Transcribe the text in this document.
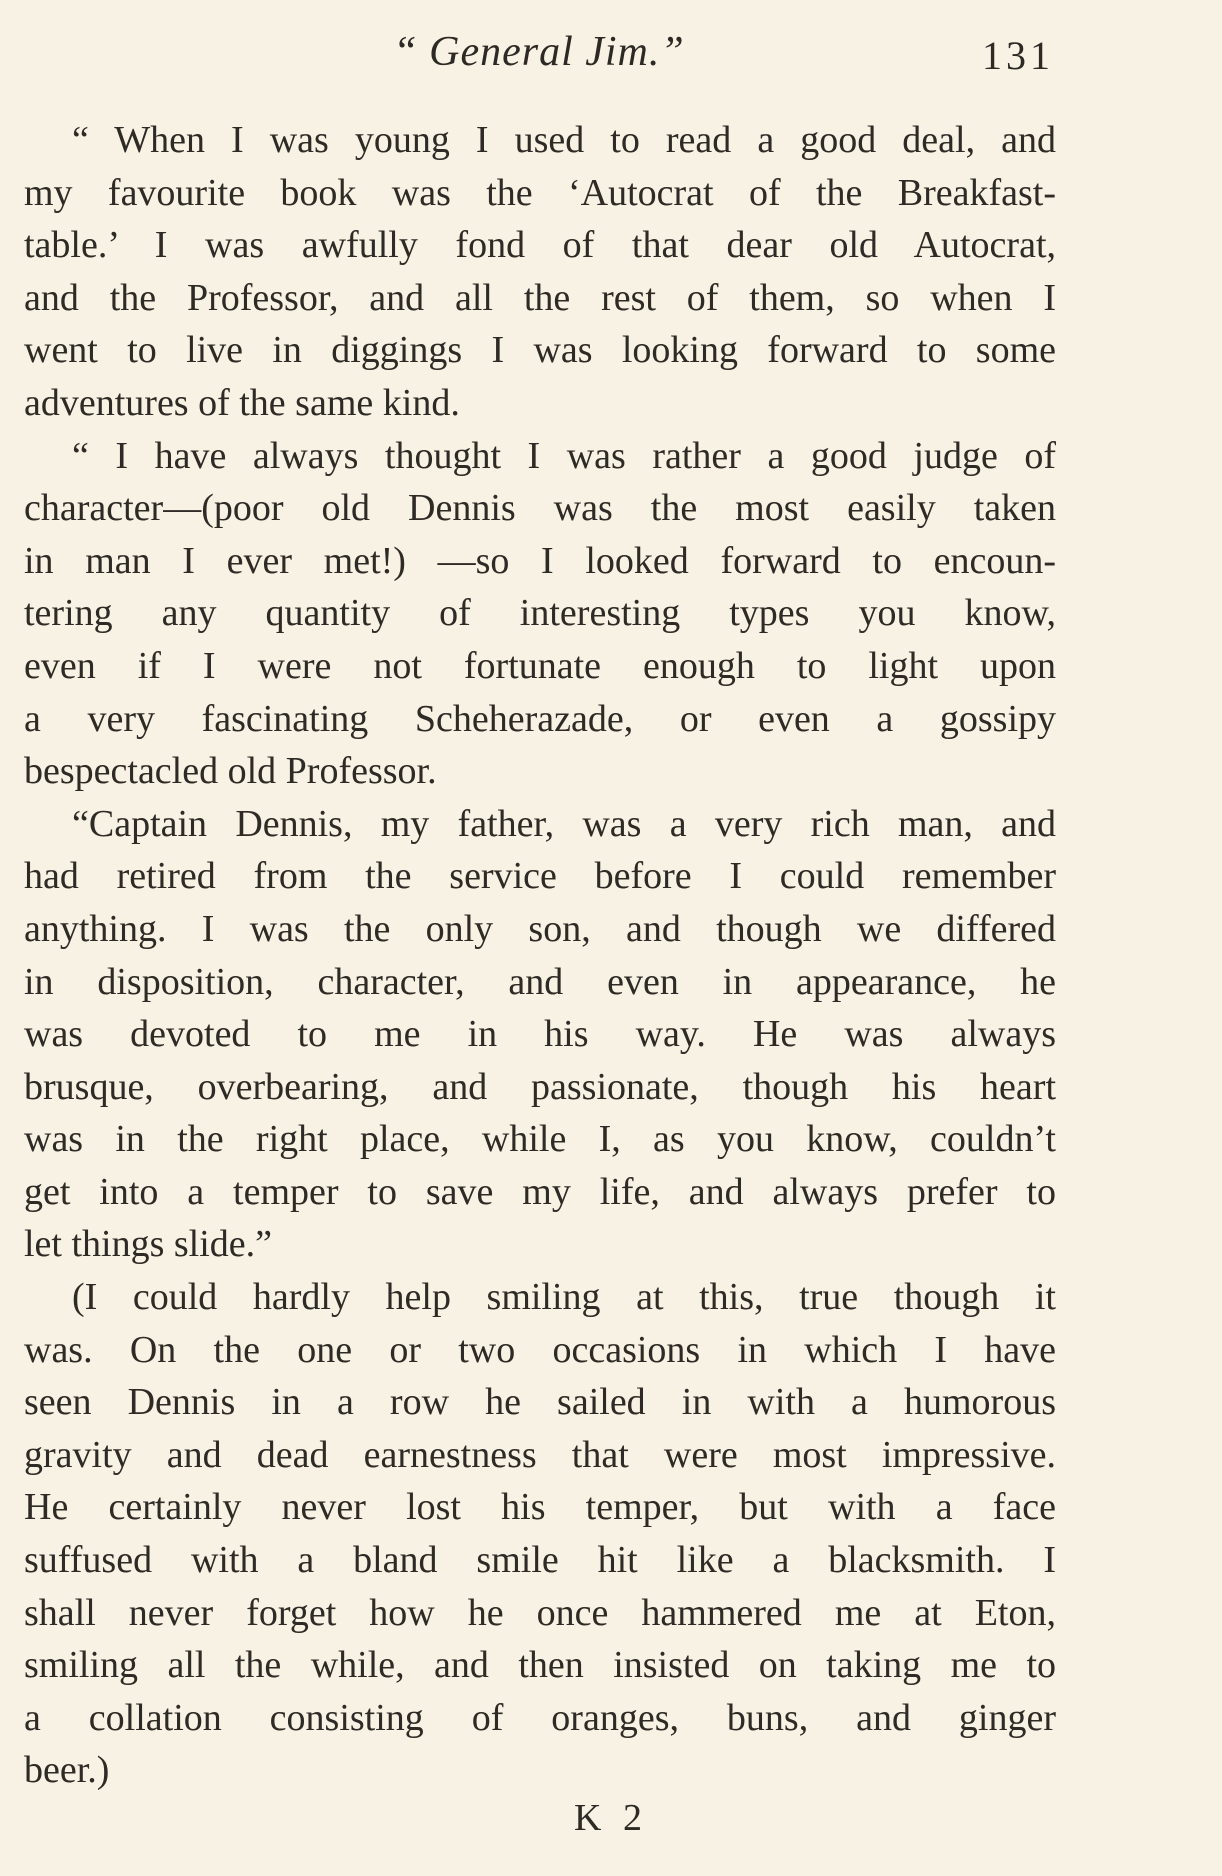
“ General Jim.”	131
“ When I was young I used to read a good deal, and
my favourite book was the ‘Autocrat of the Breakfast-
table.’ I was awfully fond of that dear old Autocrat,
and the Professor, and all the rest of them, so when I
went to live in diggings I was looking forward to some
adventures of the same kind.
“ I have always thought I was rather a good judge of
character—(poor old Dennis was the most easily taken
in man I ever met!) —so I looked forward to encoun-
tering any quantity of interesting types you know,
even if I were not fortunate enough to light upon
a very fascinating Scheherazade, or even a gossipy
bespectacled old Professor.
“Captain Dennis, my father, was a very rich man, and
had retired from the service before I could remember
anything. I was the only son, and though we differed
in disposition, character, and even in appearance, he
was devoted to me in his way. He was always
brusque, overbearing, and passionate, though his heart
was in the right place, while I, as you know, couldn’t
get into a temper to save my life, and always prefer to
let things slide.”
(I could hardly help smiling at this, true though it
was. On the one or two occasions in which I have
seen Dennis in a row he sailed in with a humorous
gravity and dead earnestness that were most impressive.
He certainly never lost his temper, but with a face
suffused with a bland smile hit like a blacksmith. I
shall never forget how he once hammered me at Eton,
smiling all the while, and then insisted on taking me to
a collation consisting of oranges, buns, and ginger
beer.)
K 2
